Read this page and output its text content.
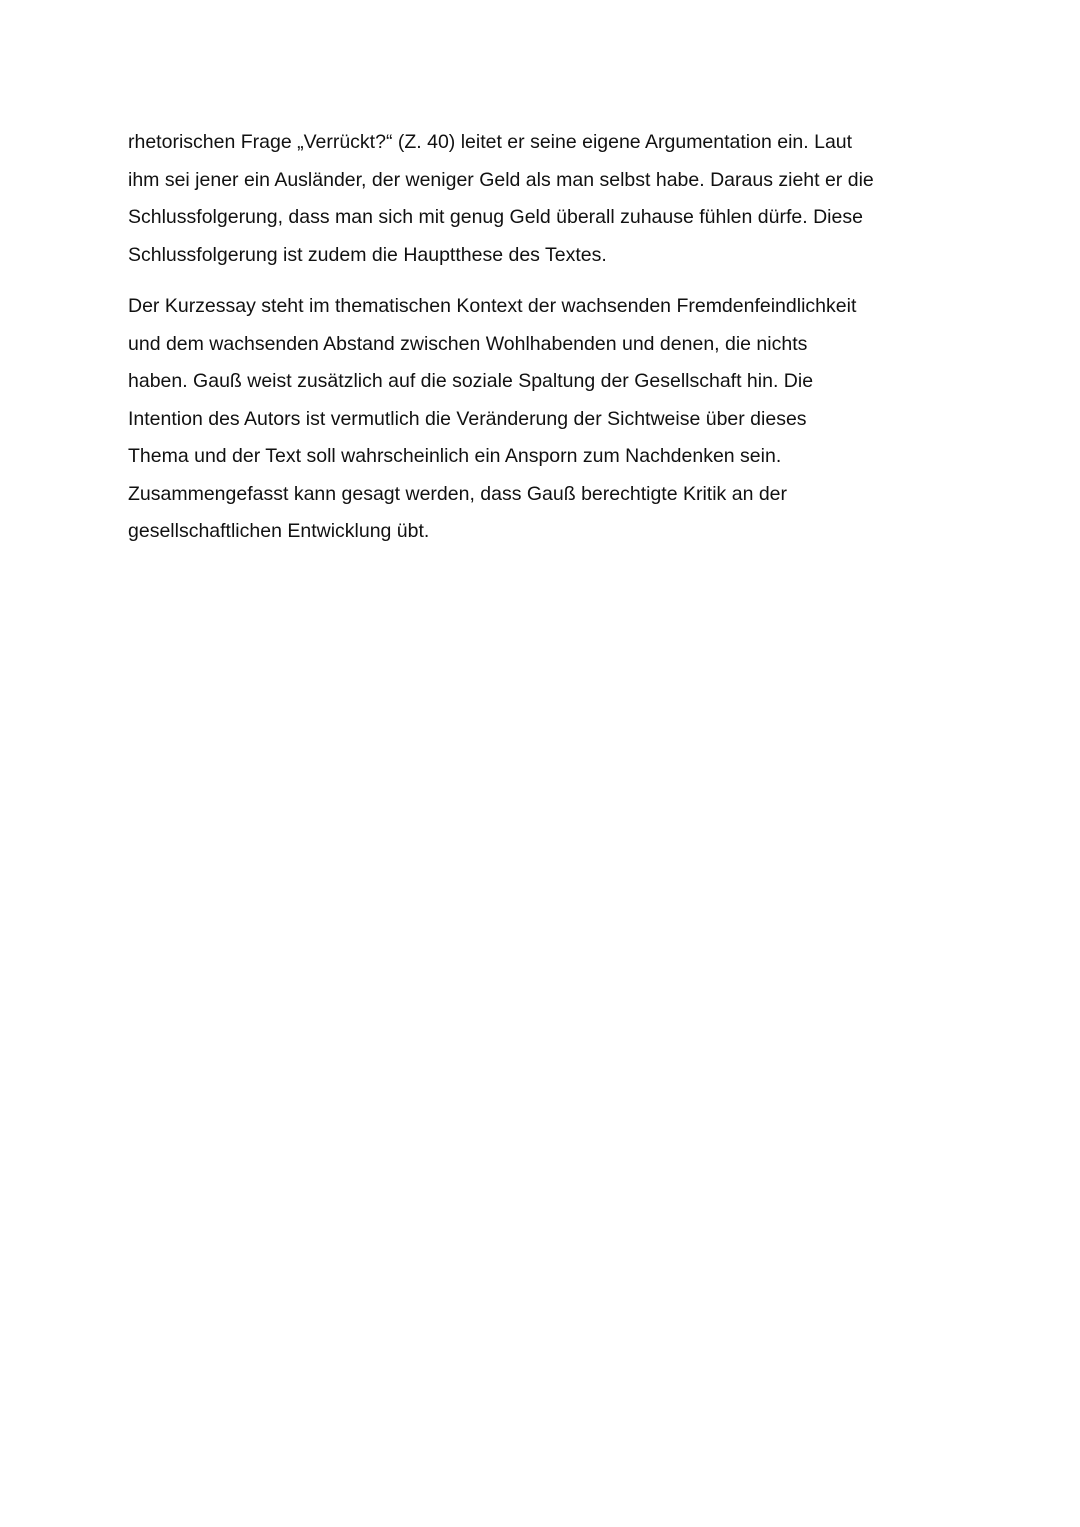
rhetorischen Frage „Verrückt?“ (Z. 40) leitet er seine eigene Argumentation ein. Laut
ihm sei jener ein Ausländer, der weniger Geld als man selbst habe. Daraus zieht er die
Schlussfolgerung, dass man sich mit genug Geld überall zuhause fühlen dürfe. Diese
Schlussfolgerung ist zudem die Hauptthese des Textes.

Der Kurzessay steht im thematischen Kontext der wachsenden Fremdenfeindlichkeit
und dem wachsenden Abstand zwischen Wohlhabenden und denen, die nichts
haben. Gauß weist zusätzlich auf die soziale Spaltung der Gesellschaft hin. Die
Intention des Autors ist vermutlich die Veränderung der Sichtweise über dieses
Thema und der Text soll wahrscheinlich ein Ansporn zum Nachdenken sein.
Zusammengefasst kann gesagt werden, dass Gauß berechtigte Kritik an der
gesellschaftlichen Entwicklung übt.
